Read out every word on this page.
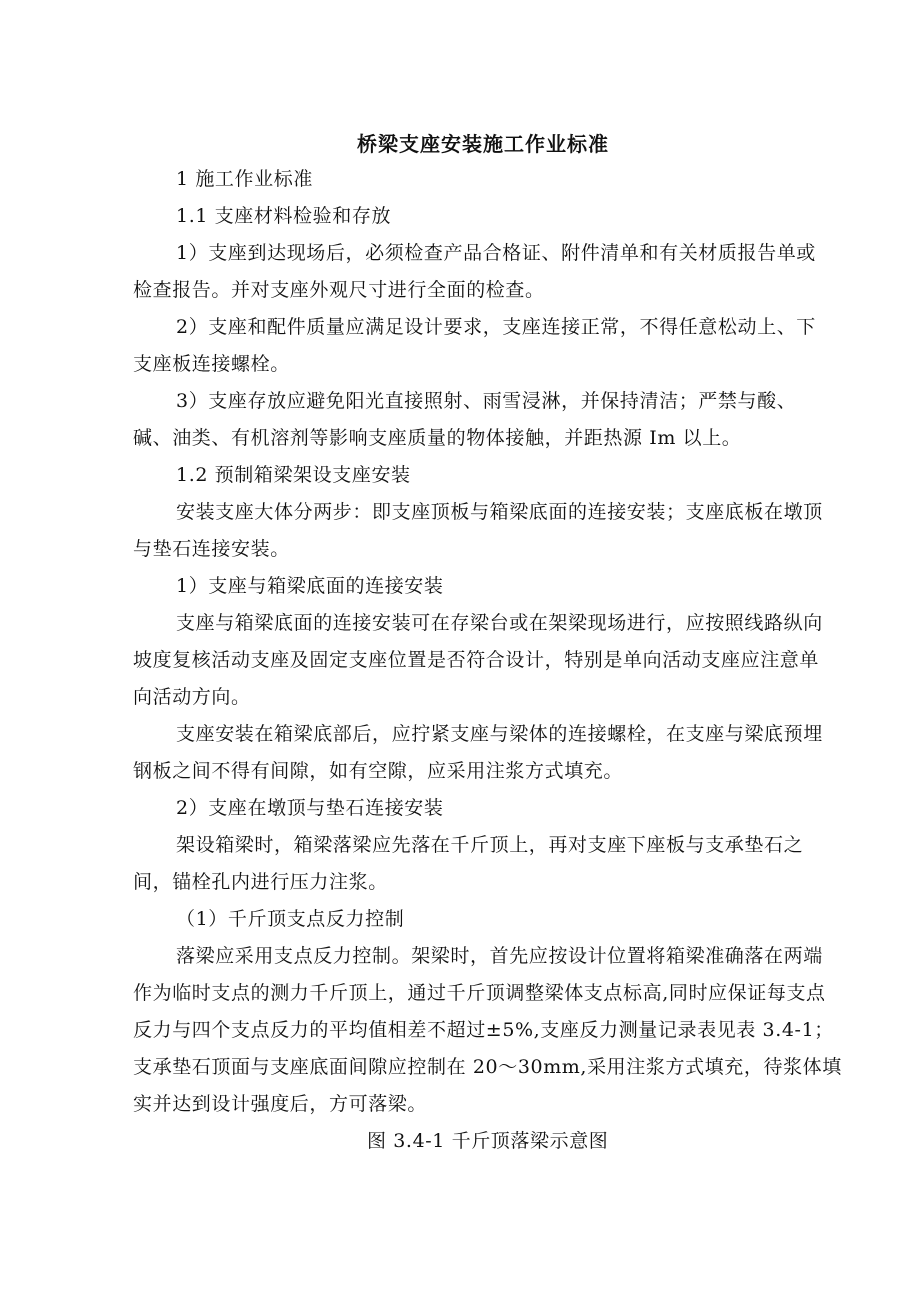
桥梁支座安装施工作业标准
1 施工作业标准
1.1 支座材料检验和存放
1）支座到达现场后，必须检查产品合格证、附件清单和有关材质报告单或
检查报告。并对支座外观尺寸进行全面的检查。
2）支座和配件质量应满足设计要求，支座连接正常，不得任意松动上、下
支座板连接螺栓。
3）支座存放应避免阳光直接照射、雨雪浸淋，并保持清洁；严禁与酸、
碱、油类、有机溶剂等影响支座质量的物体接触，并距热源 Im 以上。
1.2 预制箱梁架设支座安装
安装支座大体分两步：即支座顶板与箱梁底面的连接安装；支座底板在墩顶
与垫石连接安装。
1）支座与箱梁底面的连接安装
支座与箱梁底面的连接安装可在存梁台或在架梁现场进行，应按照线路纵向
坡度复核活动支座及固定支座位置是否符合设计，特别是单向活动支座应注意单
向活动方向。
支座安装在箱梁底部后，应拧紧支座与梁体的连接螺栓，在支座与梁底预埋
钢板之间不得有间隙，如有空隙，应采用注浆方式填充。
2）支座在墩顶与垫石连接安装
架设箱梁时，箱梁落梁应先落在千斤顶上，再对支座下座板与支承垫石之
间，锚栓孔内进行压力注浆。
（1）千斤顶支点反力控制
落梁应采用支点反力控制。架梁时，首先应按设计位置将箱梁准确落在两端
作为临时支点的测力千斤顶上，通过千斤顶调整梁体支点标高,同时应保证每支点
反力与四个支点反力的平均值相差不超过±5%,支座反力测量记录表见表 3.4-1；
支承垫石顶面与支座底面间隙应控制在 20～30mm,采用注浆方式填充，待浆体填
实并达到设计强度后，方可落梁。
图 3.4-1 千斤顶落梁示意图
